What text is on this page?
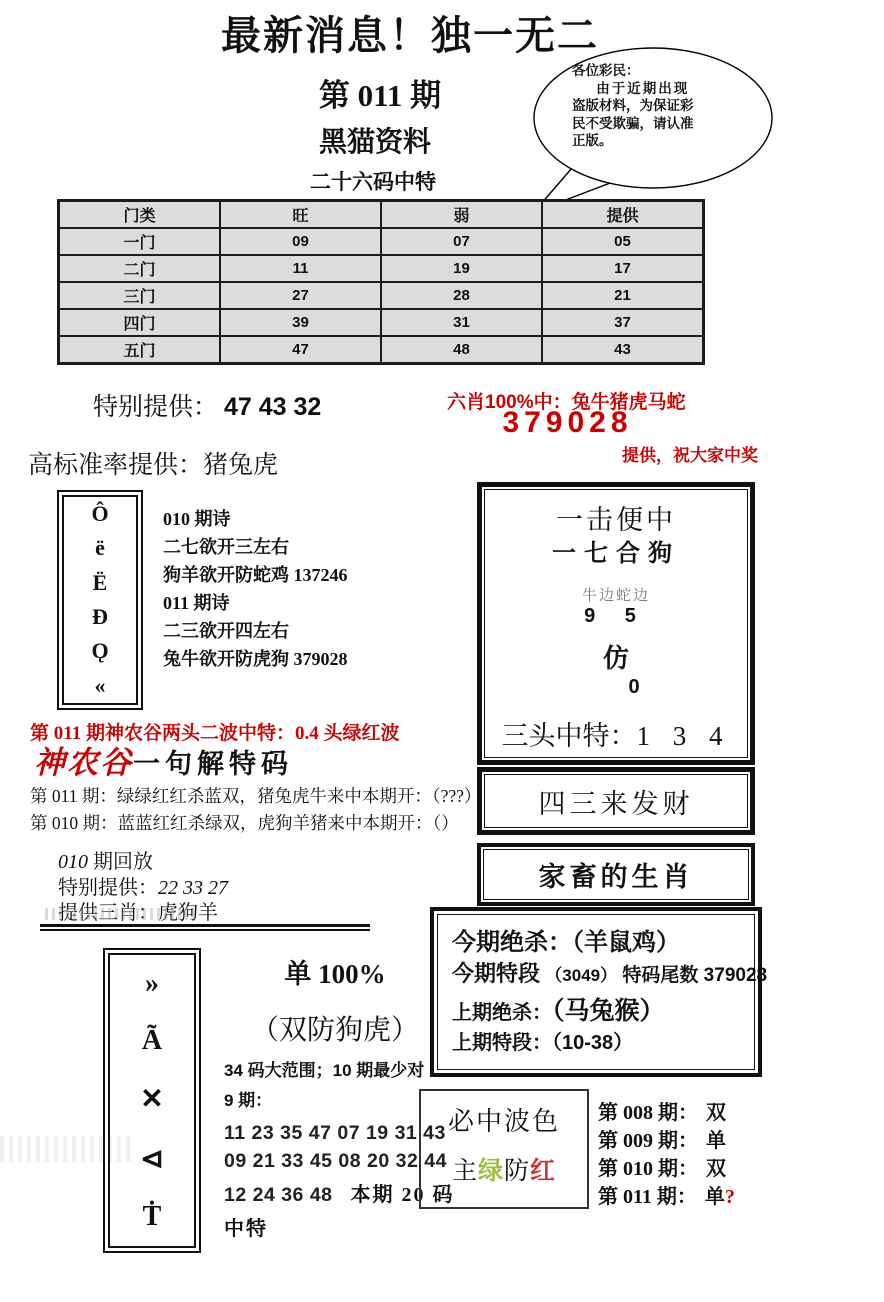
最新消息！独一无二
第 011 期
黑猫资料
二十六码中特
各位彩民：
由于近期出现
盗版材料，为保证彩
民不受欺骗，请认准
正版。
门类	旺	弱	提供
一门	09	07	05
二门	11	19	17
三门	27	28	21
四门	39	31	37
五门	47	48	43
特别提供： 47 43 32	六肖100%中：兔牛猪虎马蛇
379028
提供，祝大家中奖
高标准率提供：猪兔虎
Ô
ë
Ë
Đ
Ǫ
«
010 期诗
二七欲开三左右
狗羊欲开防蛇鸡 137246
011 期诗
二三欲开四左右
兔牛欲开防虎狗 379028
一击便中
一七合狗
牛边蛇边
9 5
仿
0
三头中特：1 3 4
四三来发财
家畜的生肖
第 011 期神农谷两头二波中特：0.4 头绿红波
神农谷一句解特码
第 011 期：绿绿红红杀蓝双，猪兔虎牛来中本期开：（???）
第 010 期：蓝蓝红红杀绿双，虎狗羊猪来中本期开：（）
010 期回放
特别提供：22 33 27
提供三肖：虎狗羊
今期绝杀：（羊鼠鸡）
今期特段 （3049） 特码尾数 379028
上期绝杀：（马兔猴）
上期特段：（10-38）
»
Ã
✕
⊲
Ṫ
单 100%
（双防狗虎）
34 码大范围；10 期最少对
9 期：
11 23 35 47 07 19 31 43
09 21 33 45 08 20 32 44
12 24 36 48 本期 20 码
中特
必中波色
主绿防红
第 008 期： 双
第 009 期： 单
第 010 期： 双
第 011 期： 单?
